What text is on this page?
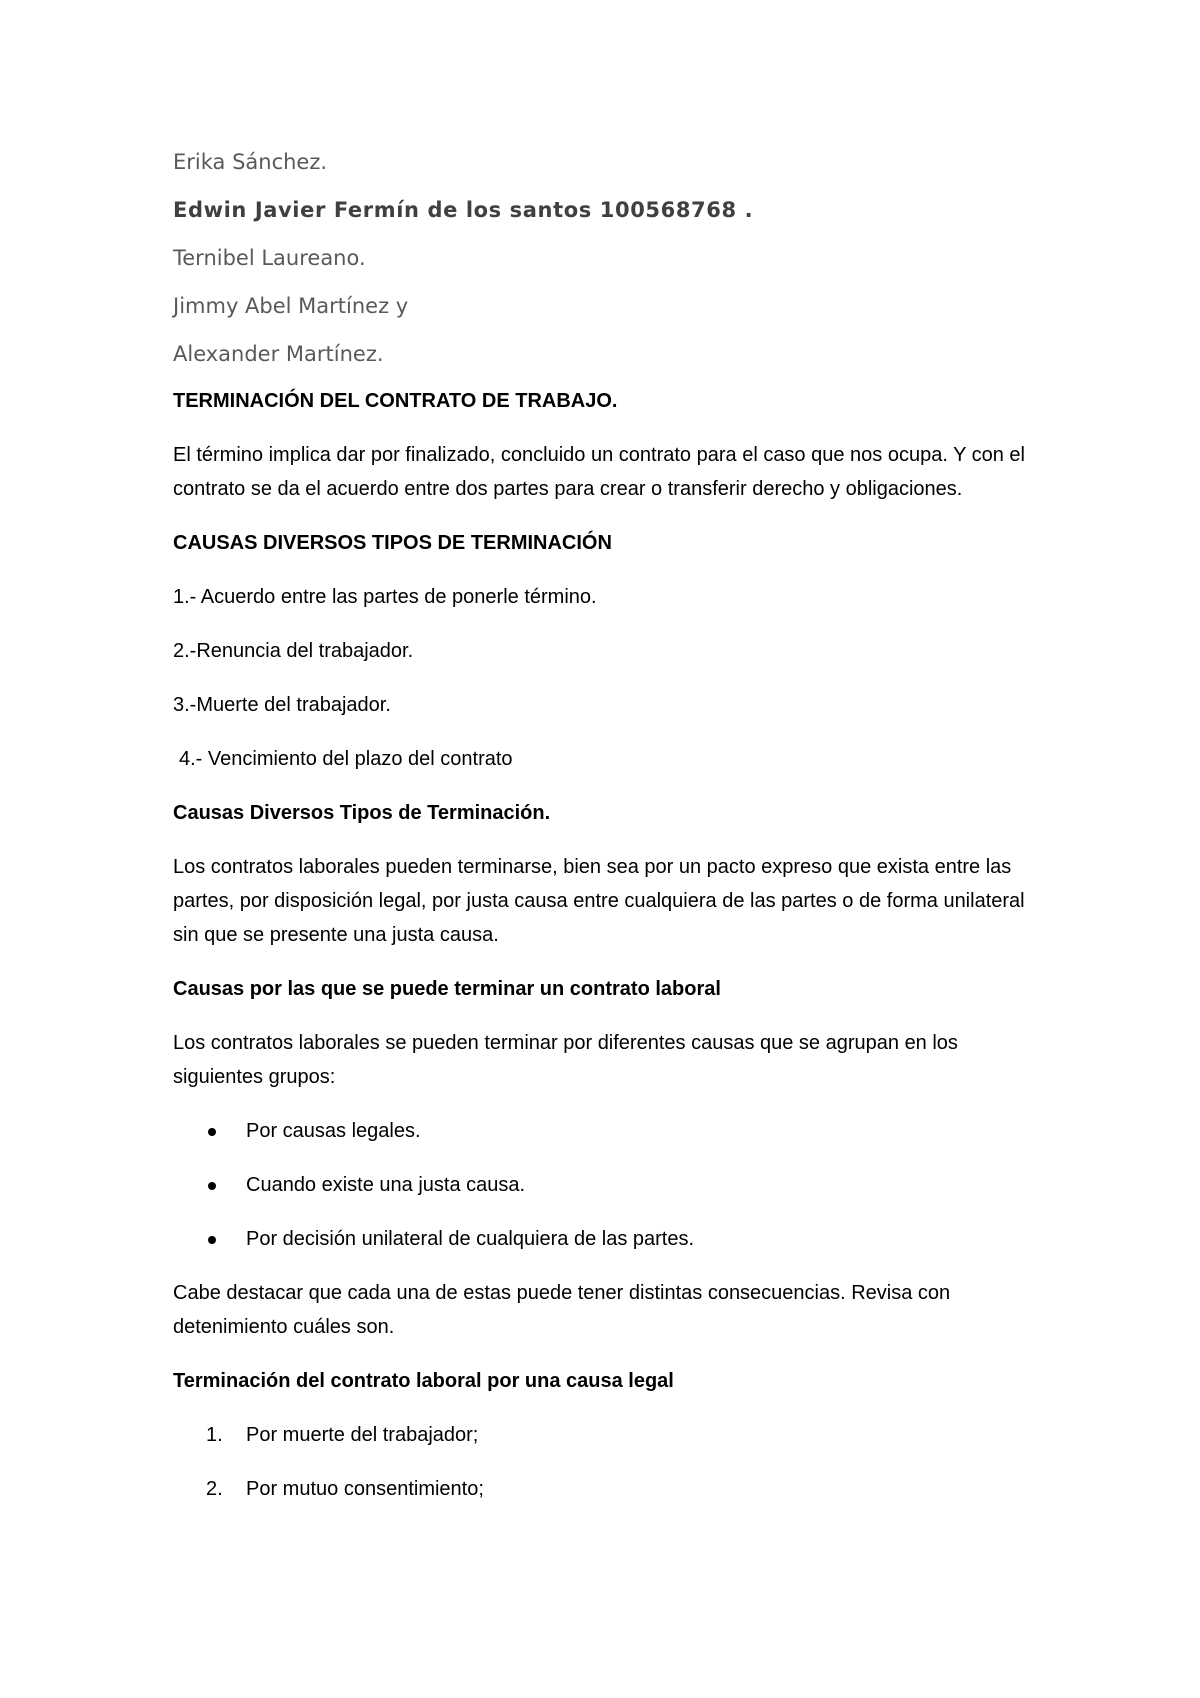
Erika Sánchez.

Edwin Javier Fermín de los santos 100568768 .

Ternibel Laureano.

Jimmy Abel Martínez y

Alexander Martínez.

TERMINACIÓN DEL CONTRATO DE TRABAJO.

El término implica dar por finalizado, concluido un contrato para el caso que nos ocupa. Y con el contrato se da el acuerdo entre dos partes para crear o transferir derecho y obligaciones.

CAUSAS DIVERSOS TIPOS DE TERMINACIÓN

1.- Acuerdo entre las partes de ponerle término.

2.-Renuncia del trabajador.

3.-Muerte del trabajador.

4.- Vencimiento del plazo del contrato

Causas Diversos Tipos de Terminación.

Los contratos laborales pueden terminarse, bien sea por un pacto expreso que exista entre las partes, por disposición legal, por justa causa entre cualquiera de las partes o de forma unilateral sin que se presente una justa causa.

Causas por las que se puede terminar un contrato laboral

Los contratos laborales se pueden terminar por diferentes causas que se agrupan en los siguientes grupos:

Por causas legales.
Cuando existe una justa causa.
Por decisión unilateral de cualquiera de las partes.

Cabe destacar que cada una de estas puede tener distintas consecuencias. Revisa con detenimiento cuáles son.

Terminación del contrato laboral por una causa legal

1. Por muerte del trabajador;
2. Por mutuo consentimiento;
